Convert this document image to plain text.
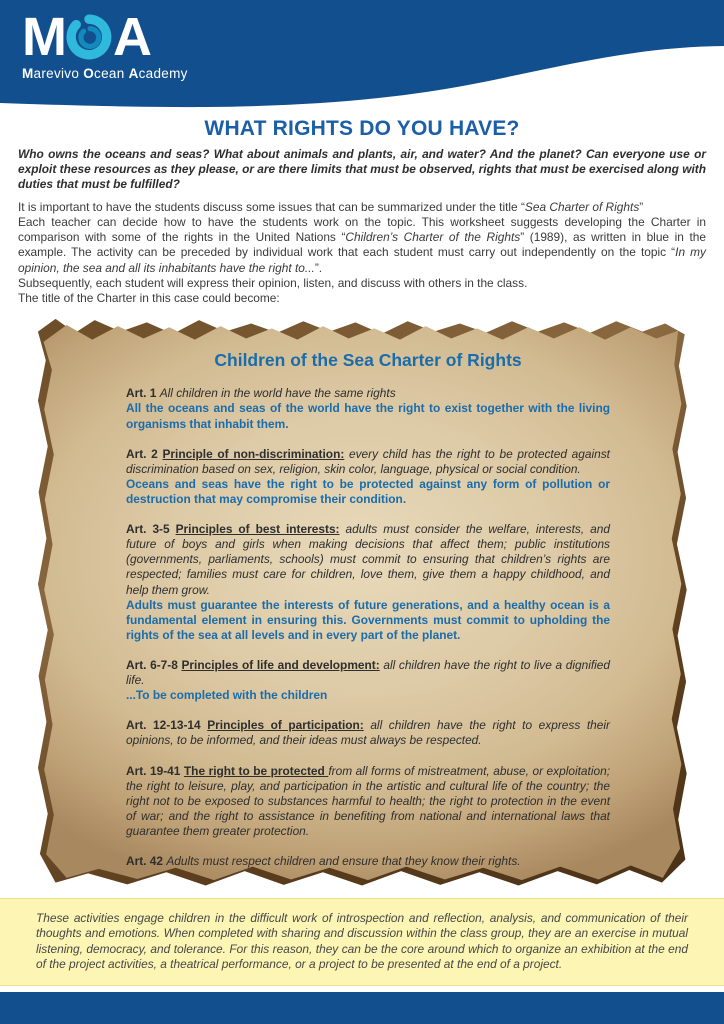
M A
Marevivo Ocean Academy
WHAT RIGHTS DO YOU HAVE?

Who owns the oceans and seas? What about animals and plants, air, and water? And the planet? Can everyone use or exploit these resources as they please, or are there limits that must be observed, rights that must be exercised along with duties that must be fulfilled?

It is important to have the students discuss some issues that can be summarized under the title “Sea Charter of Rights”
Each teacher can decide how to have the students work on the topic. This worksheet suggests developing the Charter in comparison with some of the rights in the United Nations “Children’s Charter of the Rights” (1989), as written in blue in the example. The activity can be preceded by individual work that each student must carry out independently on the topic “In my opinion, the sea and all its inhabitants have the right to...”.
Subsequently, each student will express their opinion, listen, and discuss with others in the class.
The title of the Charter in this case could become:

Children of the Sea Charter of Rights

Art. 1 All children in the world have the same rights

All the oceans and seas of the world have the right to exist together with the living organisms that inhabit them.

Art. 2 Principle of non-discrimination: every child has the right to be protected against discrimination based on sex, religion, skin color, language, physical or social condition.

Oceans and seas have the right to be protected against any form of pollution or destruction that may compromise their condition.

Art. 3-5 Principles of best interests: adults must consider the welfare, interests, and future of boys and girls when making decisions that affect them; public institutions (governments, parliaments, schools) must commit to ensuring that children’s rights are respected; families must care for children, love them, give them a happy childhood, and help them grow.

Adults must guarantee the interests of future generations, and a healthy ocean is a fundamental element in ensuring this. Governments must commit to upholding the rights of the sea at all levels and in every part of the planet.

Art. 6-7-8 Principles of life and development: all children have the right to live a dignified life.

...To be completed with the children

Art. 12-13-14 Principles of participation: all children have the right to express their opinions, to be informed, and their ideas must always be respected.

Art. 19-41 The right to be protected from all forms of mistreatment, abuse, or exploitation; the right to leisure, play, and participation in the artistic and cultural life of the country; the right not to be exposed to substances harmful to health; the right to protection in the event of war; and the right to assistance in benefiting from national and international laws that guarantee them greater protection.

Art. 42 Adults must respect children and ensure that they know their rights.

These activities engage children in the difficult work of introspection and reflection, analysis, and communication of their thoughts and emotions. When completed with sharing and discussion within the class group, they are an exercise in mutual listening, democracy, and tolerance. For this reason, they can be the core around which to organize an exhibition at the end of the project activities, a theatrical performance, or a project to be presented at the end of a project.
